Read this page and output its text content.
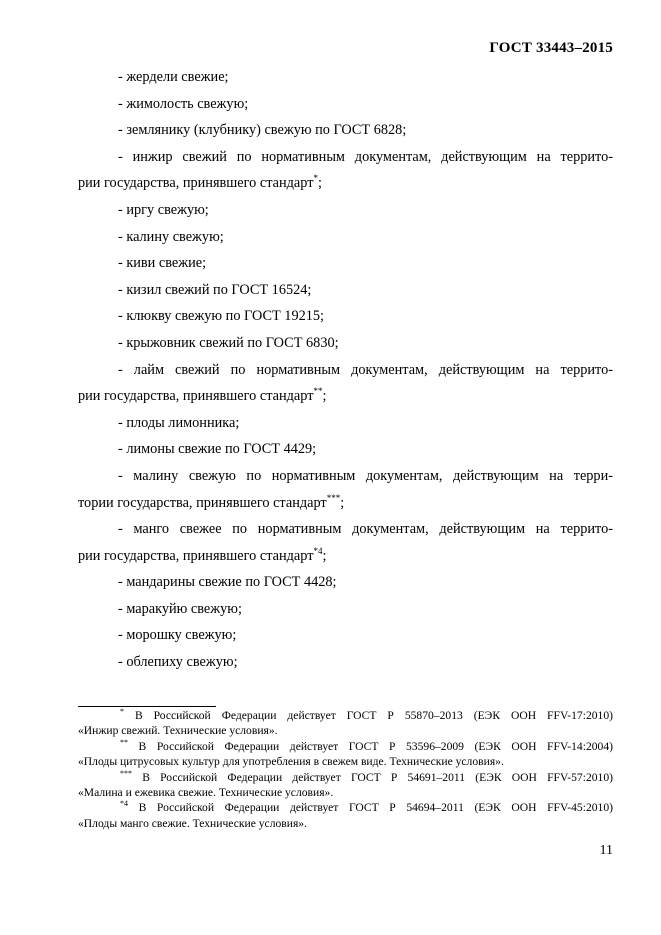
ГОСТ 33443–2015
- жердели свежие;
- жимолость свежую;
- землянику (клубнику) свежую по ГОСТ 6828;
- инжир свежий по нормативным документам, действующим на террито-
рии государства, принявшего стандарт*;
- иргу свежую;
- калину свежую;
- киви свежие;
- кизил свежий по ГОСТ 16524;
- клюкву свежую по ГОСТ 19215;
- крыжовник свежий по ГОСТ 6830;
- лайм свежий по нормативным документам, действующим на террито-
рии государства, принявшего стандарт**;
- плоды лимонника;
- лимоны свежие по ГОСТ 4429;
- малину свежую по нормативным документам, действующим на терри-
тории государства, принявшего стандарт***;
- манго свежее по нормативным документам, действующим на террито-
рии государства, принявшего стандарт$^{*4}$;
- мандарины свежие по ГОСТ 4428;
- маракуйю свежую;
- морошку свежую;
- облепиху свежую;
* В Российской Федерации действует ГОСТ Р 55870–2013 (ЕЭК ООН FFV-17:2010)
«Инжир свежий. Технические условия».
** В Российской Федерации действует ГОСТ Р 53596–2009 (ЕЭК ООН FFV-14:2004)
«Плоды цитрусовых культур для употребления в свежем виде. Технические условия».
*** В Российской Федерации действует ГОСТ Р 54691–2011 (ЕЭК ООН FFV-57:2010)
«Малина и ежевика свежие. Технические условия».
$^{*4}$ В Российской Федерации действует ГОСТ Р 54694–2011 (ЕЭК ООН FFV-45:2010)
«Плоды манго свежие. Технические условия».
11
